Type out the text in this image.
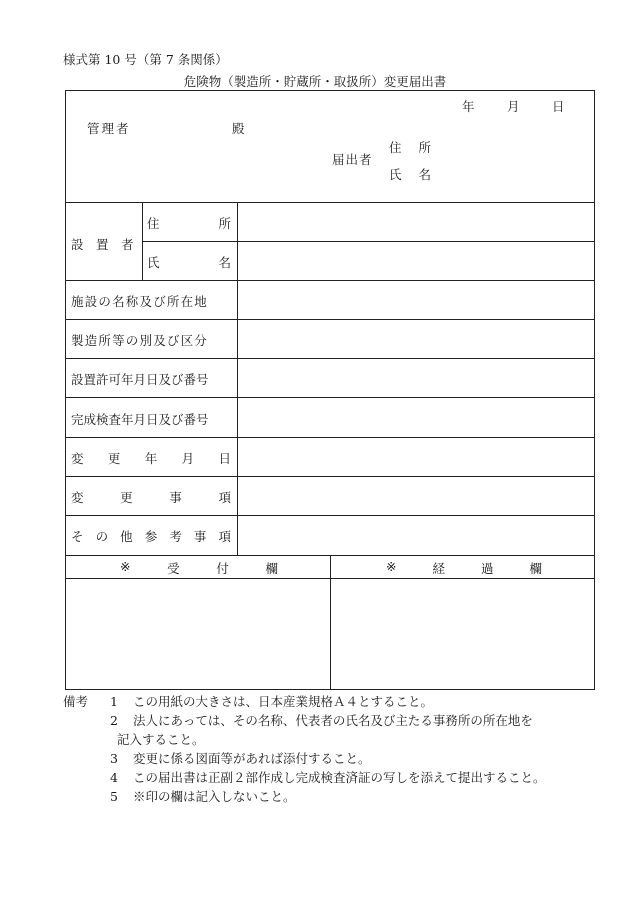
様式第 10 号（第 7 条関係）
危険物（製造所・貯蔵所・取扱所）変更届出書
年	月	日
管理者	殿
住 所
届出者
氏 名
設　置　者
住	所
氏	名
施設の名称及び所在地
製造所等の別及び区分
設置許可年月日及び番号
完成検査年月日及び番号
変 更 年 月 日
変	更	事	項
そ の 他 参 考 事 項
※	受	付	欄	※	経	過	欄
備考 1 この用紙の大きさは、日本産業規格Ａ４とすること。
2 法人にあっては、その名称、代表者の氏名及び主たる事務所の所在地を
記入すること。
3 変更に係る図面等があれば添付すること。
4 この届出書は正副２部作成し完成検査済証の写しを添えて提出すること。
5 ※印の欄は記入しないこと。
